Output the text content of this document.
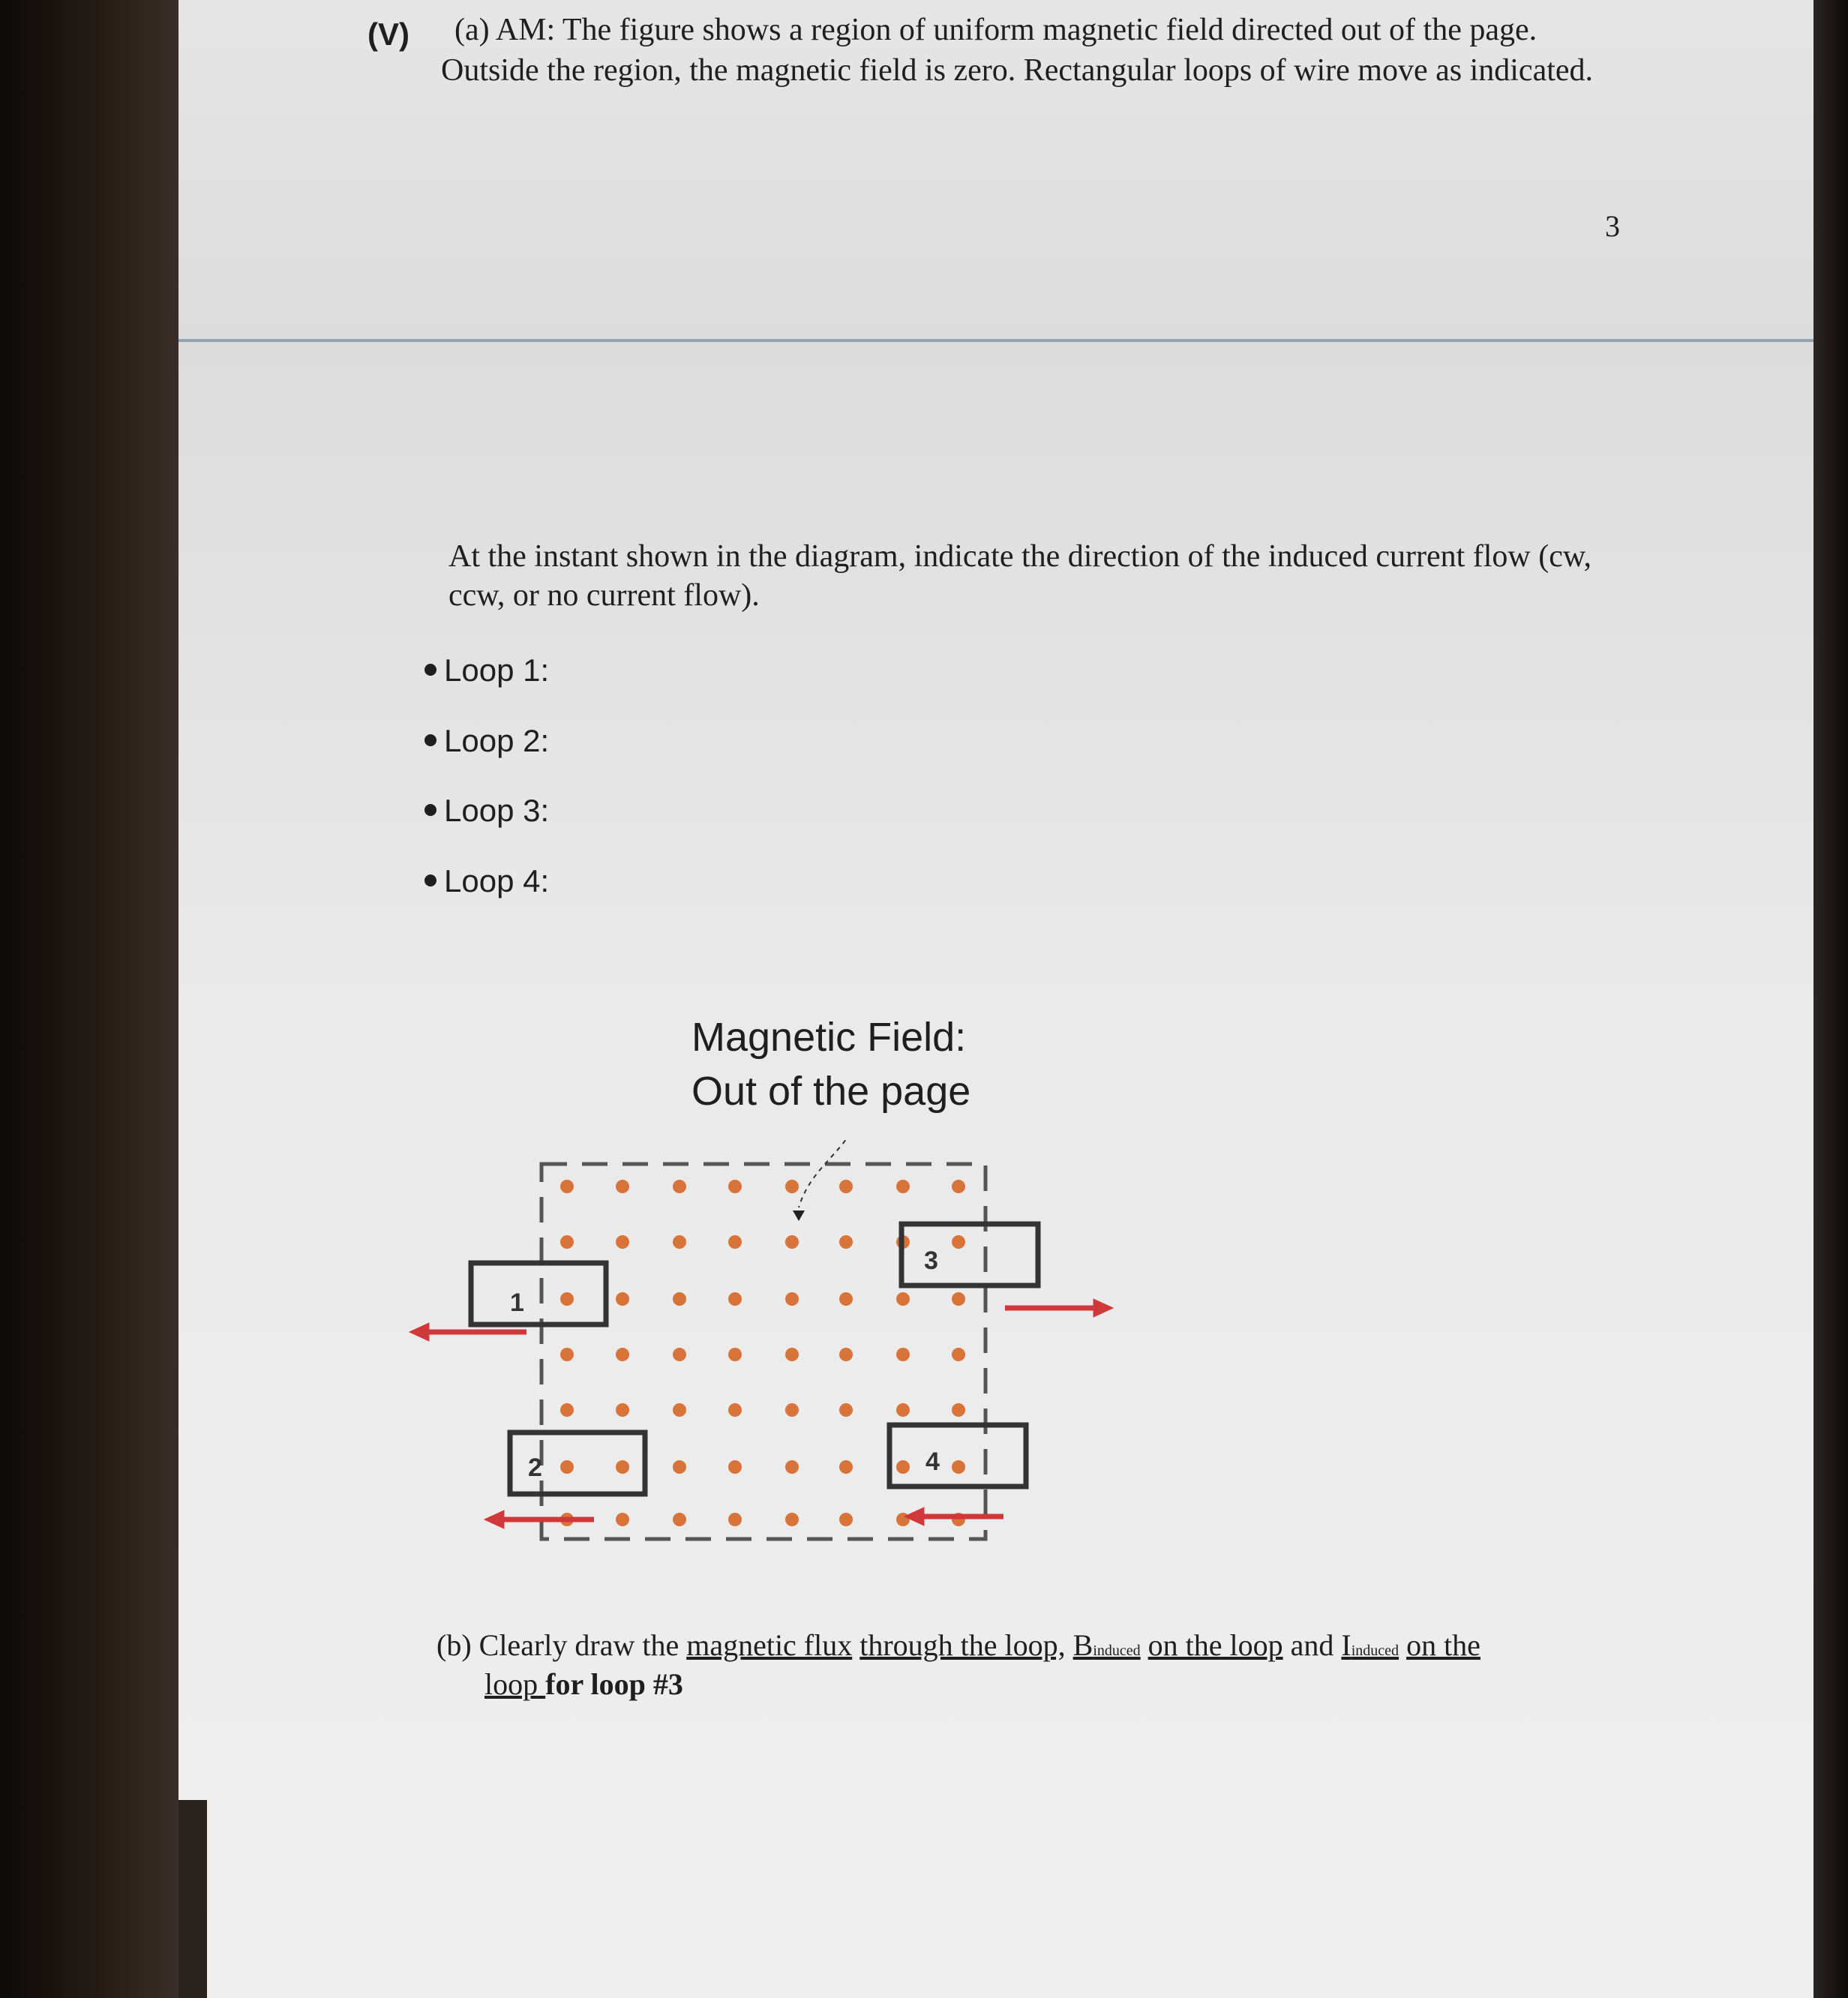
(V) (a) AM: The figure shows a region of uniform magnetic field directed out of the page.
Outside the region, the magnetic field is zero. Rectangular loops of wire move as indicated.
3
At the instant shown in the diagram, indicate the direction of the induced current flow (cw,
ccw, or no current flow).
Loop 1:
Loop 2:
Loop 3:
Loop 4:
Magnetic Field:
Out of the page
1
2
3
4
(b) Clearly draw the magnetic flux through the loop, Binduced on the loop and Iinduced on the
loop for loop #3
